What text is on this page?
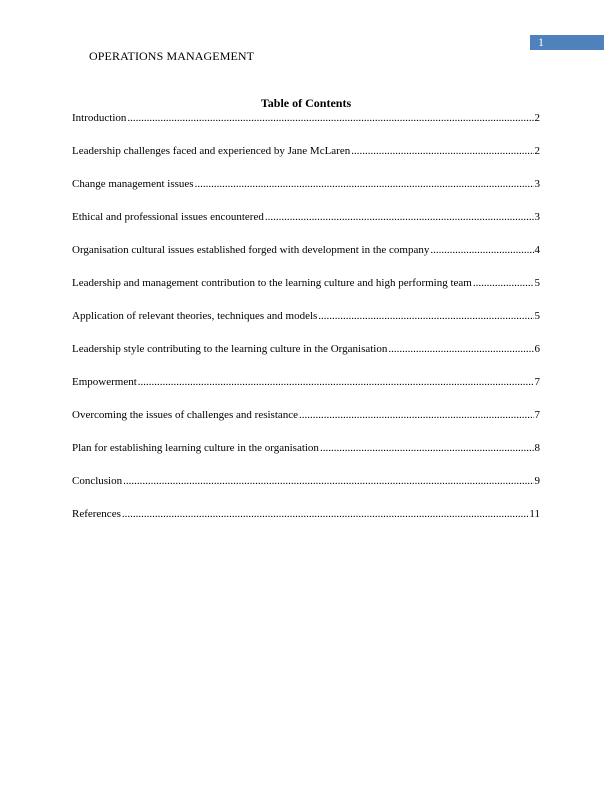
1
OPERATIONS MANAGEMENT
Table of Contents
Introduction .....	2
Leadership challenges faced and experienced by Jane McLaren .....	2
Change management issues .....	3
Ethical and professional issues encountered .....	3
Organisation cultural issues established forged with development in the company .....	4
Leadership and management contribution to the learning culture and high performing team .....	5
Application of relevant theories, techniques and models .....	5
Leadership style contributing to the learning culture in the Organisation .....	6
Empowerment .....	7
Overcoming the issues of challenges and resistance .....	7
Plan for establishing learning culture in the organisation .....	8
Conclusion .....	9
References .....	11
